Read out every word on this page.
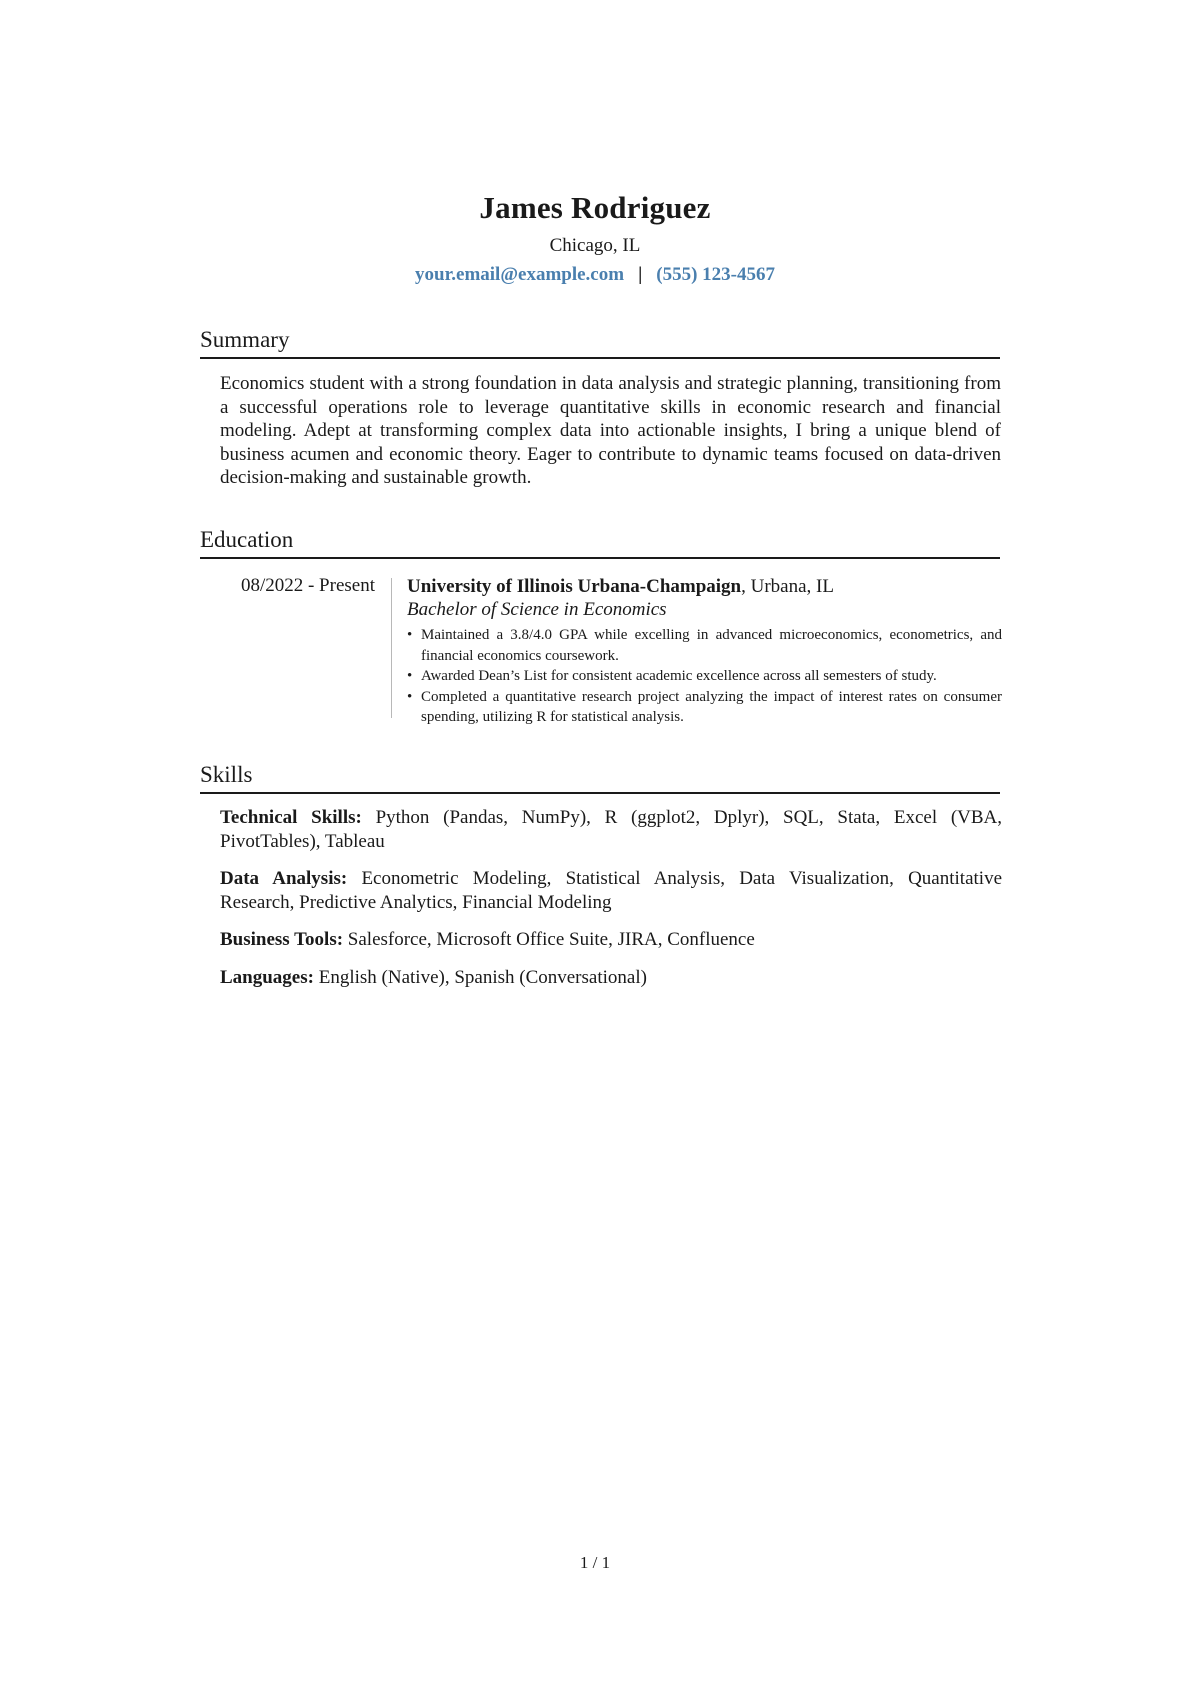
James Rodriguez
Chicago, IL
your.email@example.com | (555) 123-4567
Summary
Economics student with a strong foundation in data analysis and strategic planning, transitioning from a successful operations role to leverage quantitative skills in economic research and financial modeling. Adept at transforming complex data into actionable insights, I bring a unique blend of business acumen and economic theory. Eager to contribute to dynamic teams focused on data-driven decision-making and sustainable growth.
Education
08/2022 - Present University of Illinois Urbana-Champaign, Urbana, IL
Bachelor of Science in Economics
• Maintained a 3.8/4.0 GPA while excelling in advanced microeconomics, econometrics, and financial economics coursework.
• Awarded Dean’s List for consistent academic excellence across all semesters of study.
• Completed a quantitative research project analyzing the impact of interest rates on consumer spending, utilizing R for statistical analysis.
Skills
Technical Skills: Python (Pandas, NumPy), R (ggplot2, Dplyr), SQL, Stata, Excel (VBA, PivotTables), Tableau
Data Analysis: Econometric Modeling, Statistical Analysis, Data Visualization, Quantitative Research, Predictive Analytics, Financial Modeling
Business Tools: Salesforce, Microsoft Office Suite, JIRA, Confluence
Languages: English (Native), Spanish (Conversational)
1 / 1
